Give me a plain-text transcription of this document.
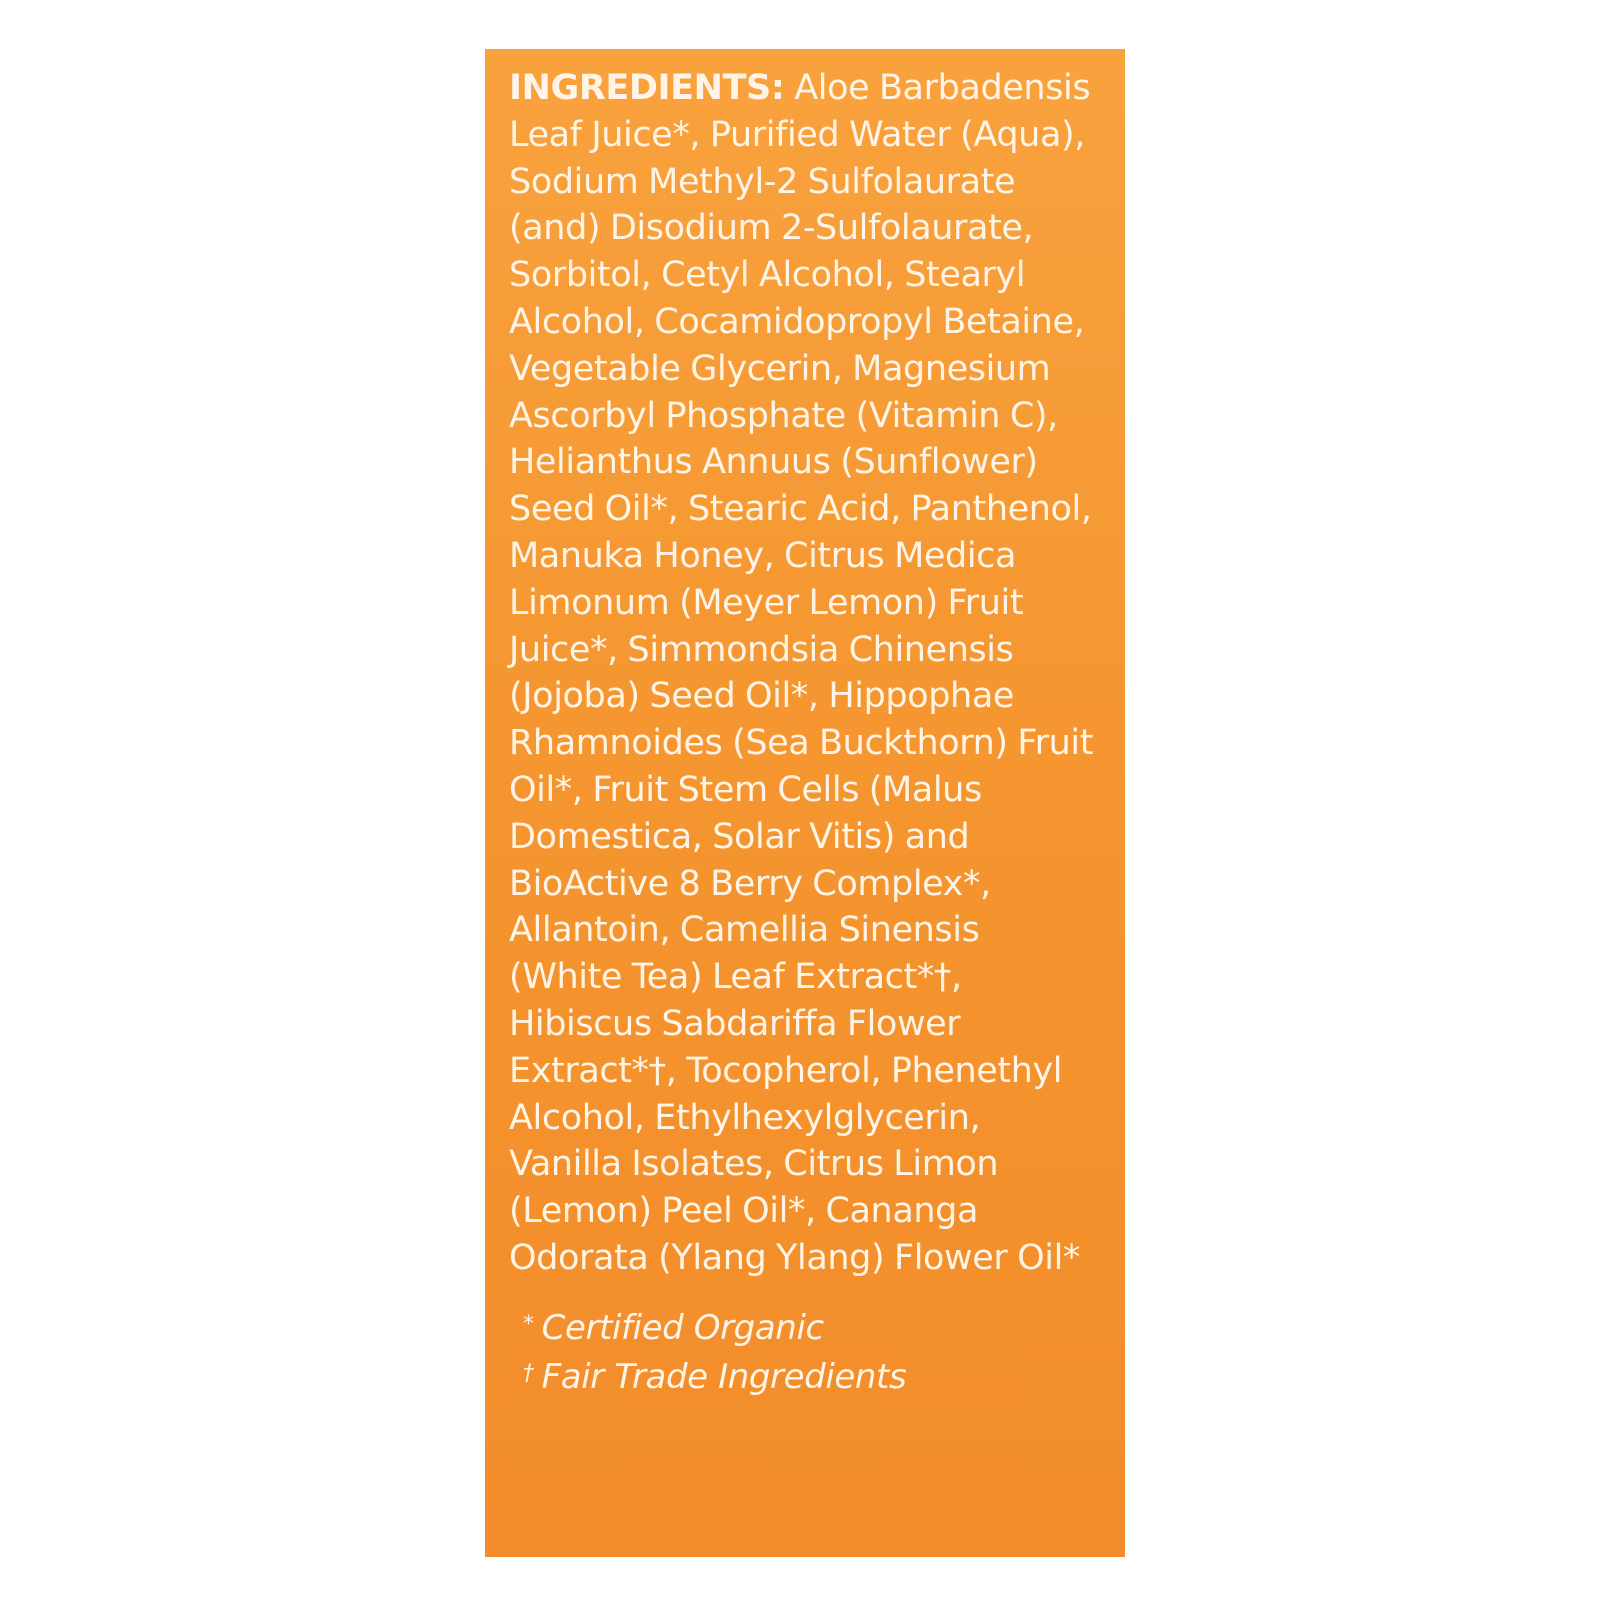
INGREDIENTS: Aloe Barbadensis Leaf Juice*, Purified Water (Aqua), Sodium Methyl-2 Sulfolaurate (and) Disodium 2-Sulfolaurate, Sorbitol, Cetyl Alcohol, Stearyl Alcohol, Cocamidopropyl Betaine, Vegetable Glycerin, Magnesium Ascorbyl Phosphate (Vitamin C), Helianthus Annuus (Sunflower) Seed Oil*, Stearic Acid, Panthenol, Manuka Honey, Citrus Medica Limonum (Meyer Lemon) Fruit Juice*, Simmondsia Chinensis (Jojoba) Seed Oil*, Hippophae Rhamnoides (Sea Buckthorn) Fruit Oil*, Fruit Stem Cells (Malus Domestica, Solar Vitis) and BioActive 8 Berry Complex*, Allantoin, Camellia Sinensis (White Tea) Leaf Extract*†, Hibiscus Sabdariffa Flower Extract*†, Tocopherol, Phenethyl Alcohol, Ethylhexylglycerin, Vanilla Isolates, Citrus Limon (Lemon) Peel Oil*, Cananga Odorata (Ylang Ylang) Flower Oil*

* Certified Organic
† Fair Trade Ingredients
